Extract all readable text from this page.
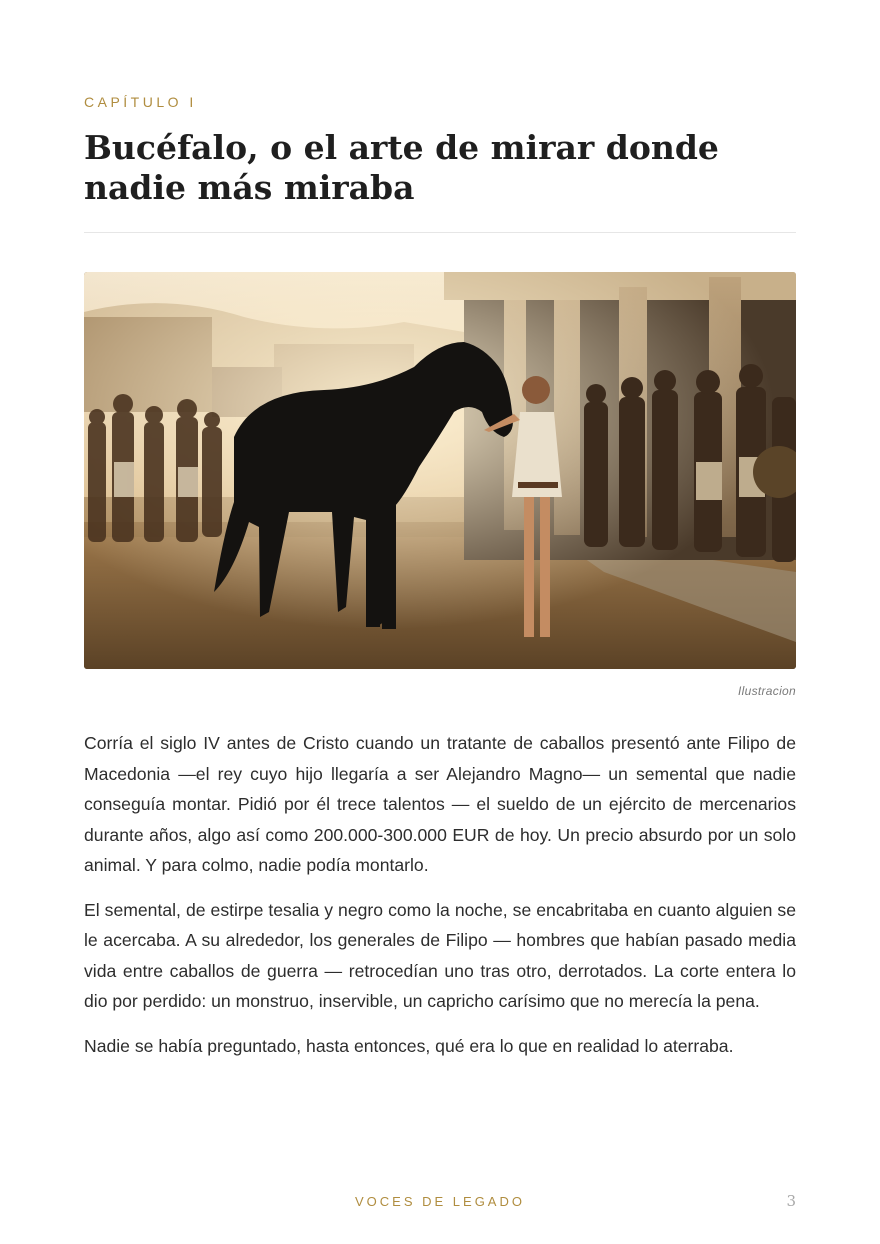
CAPÍTULO I
Bucéfalo, o el arte de mirar donde nadie más miraba
Ilustracion

Corría el siglo IV antes de Cristo cuando un tratante de caballos presentó ante Filipo de Macedonia —el rey cuyo hijo llegaría a ser Alejandro Magno— un semental que nadie conseguía montar. Pidió por él trece talentos — el sueldo de un ejército de mercenarios durante años, algo así como 200.000-300.000 EUR de hoy. Un precio absurdo por un solo animal. Y para colmo, nadie podía montarlo.

El semental, de estirpe tesalia y negro como la noche, se encabritaba en cuanto alguien se le acercaba. A su alrededor, los generales de Filipo — hombres que habían pasado media vida entre caballos de guerra — retrocedían uno tras otro, derrotados. La corte entera lo dio por perdido: un monstruo, inservible, un capricho carísimo que no merecía la pena.

Nadie se había preguntado, hasta entonces, qué era lo que en realidad lo aterraba.

VOCES DE LEGADO	3
